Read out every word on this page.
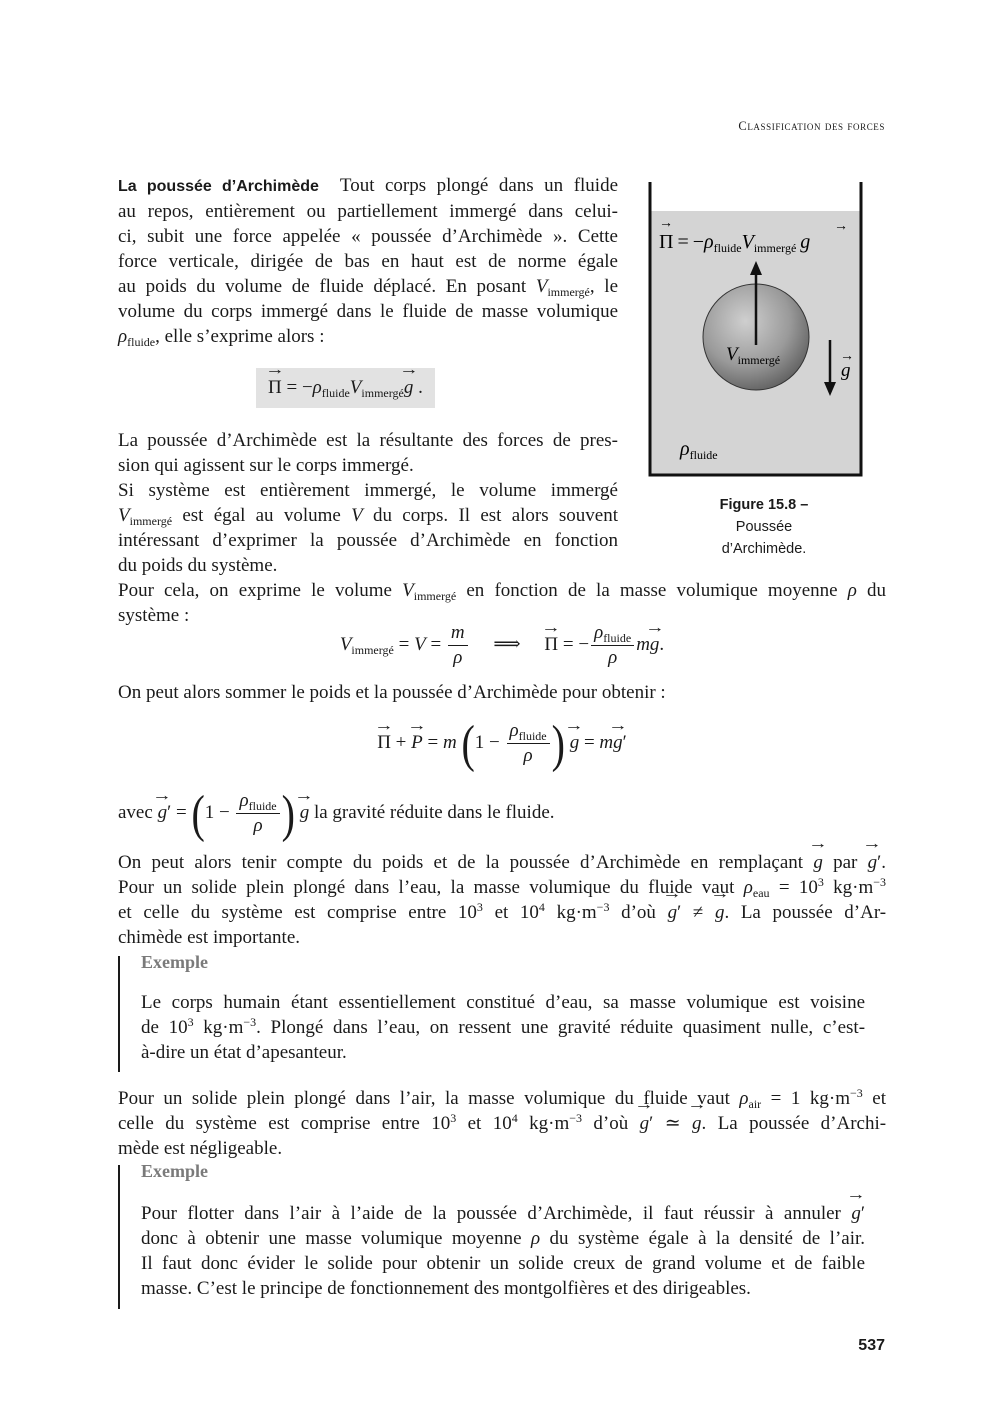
Classification des forces
La poussée d’Archimède Tout corps plongé dans un fluide
au repos, entièrement ou partiellement immergé dans celui-
ci, subit une force appelée « poussée d’Archimède ». Cette
force verticale, dirigée de bas en haut est de norme égale
au poids du volume de fluide déplacé. En posant $V_{immergé}$, le
volume du corps immergé dans le fluide de masse volumique
$\rho_{fluide}$, elle s’exprime alors :
→ $\Pi = -\rho_{fluide}V_{immergé}\to g$ .
La poussée d’Archimède est la résultante des forces de pres-
sion qui agissent sur le corps immergé.
Si système est entièrement immergé, le volume immergé
$V_{immergé}$ est égal au volume V du corps. Il est alors souvent
intéressant d’exprimer la poussée d’Archimède en fonction
du poids du système.
$\Pi = -\rho_{fluide}V_{immergé}$ g
→	→
$V_{immergé}$	g
→
$\rho_{fluide}$
Figure 15.8 –
Poussée
d’Archimède.
Pour cela, on exprime le volume $V_{immergé}$ en fonction de la masse volumique moyenne ρ du
système :
$V_{immergé} = V = \frac{m}{\rho}$ ⟹ → Π = − $\frac{\rho_{fluide}}{\rho} m\to g$.
On peut alors sommer le poids et la poussée d’Archimède pour obtenir :
→ Π + → P = m ($1 - \frac{\rho_{fluide}}{\rho}$ ) → g = m→ g′
avec → $g' = (1 - \frac{\rho_{fluide}}{\rho}$ ) → g la gravité réduite dans le fluide.
On peut alors tenir compte du poids et de la poussée d’Archimède en remplaçant → g par → g′.
Pour un solide plein plongé dans l’eau, la masse volumique du fluide vaut $\rho_{eau} = 10^3$ $kg\cdot m^{-3}$
et celle du système est comprise entre $10^3$ et $10^4$ $kg\cdot m^{-3}$ d’où → g′ ≠ → g. La poussée d’Ar-
chimède est importante.
Exemple
Le corps humain étant essentiellement constitué d’eau, sa masse volumique est voisine
de $10^3$ $kg\cdot m^{-3}$. Plongé dans l’eau, on ressent une gravité réduite quasiment nulle, c’est-
à-dire un état d’apesanteur.
Pour un solide plein plongé dans l’air, la masse volumique du fluide vaut $\rho_{air} = 1$ $kg\cdot m^{-3}$ et
celle du système est comprise entre $10^3$ et $10^4$ $kg\cdot m^{-3}$ d’où → g′ ≃ → g. La poussée d’Archi-
mède est négligeable.
Exemple
Pour flotter dans l’air à l’aide de la poussée d’Archimède, il faut réussir à annuler → g′
donc à obtenir une masse volumique moyenne ρ du système égale à la densité de l’air.
Il faut donc évider le solide pour obtenir un solide creux de grand volume et de faible
masse. C’est le principe de fonctionnement des montgolfières et des dirigeables.
537
